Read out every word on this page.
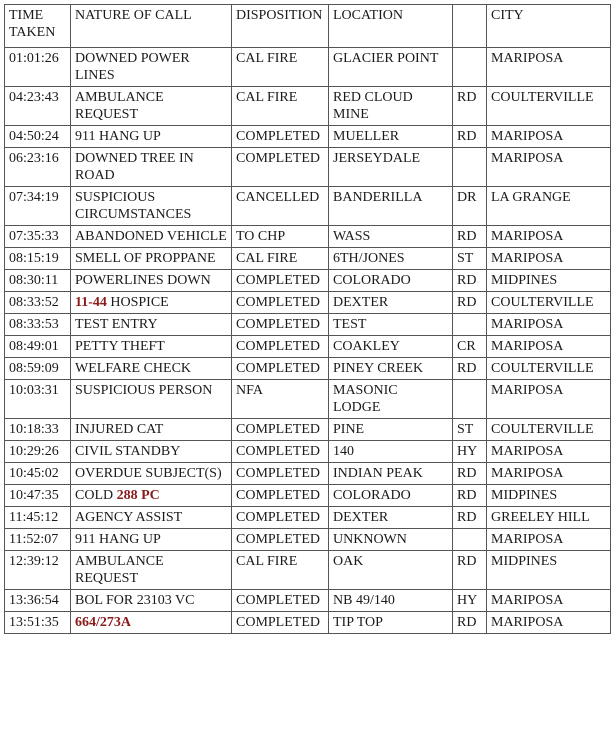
TIME TAKEN	NATURE OF CALL	DISPOSITION	LOCATION		CITY
01:01:26	DOWNED POWER LINES	CAL FIRE	GLACIER POINT		MARIPOSA
04:23:43	AMBULANCE REQUEST	CAL FIRE	RED CLOUD MINE	RD	COULTERVILLE
04:50:24	911 HANG UP	COMPLETED	MUELLER	RD	MARIPOSA
06:23:16	DOWNED TREE IN ROAD	COMPLETED	JERSEYDALE		MARIPOSA
07:34:19	SUSPICIOUS CIRCUMSTANCES	CANCELLED	BANDERILLA	DR	LA GRANGE
07:35:33	ABANDONED VEHICLE	TO CHP	WASS	RD	MARIPOSA
08:15:19	SMELL OF PROPPANE	CAL FIRE	6TH/JONES	ST	MARIPOSA
08:30:11	POWERLINES DOWN	COMPLETED	COLORADO	RD	MIDPINES
08:33:52	11-44 HOSPICE	COMPLETED	DEXTER	RD	COULTERVILLE
08:33:53	TEST ENTRY	COMPLETED	TEST		MARIPOSA
08:49:01	PETTY THEFT	COMPLETED	COAKLEY	CR	MARIPOSA
08:59:09	WELFARE CHECK	COMPLETED	PINEY CREEK	RD	COULTERVILLE
10:03:31	SUSPICIOUS PERSON	NFA	MASONIC LODGE		MARIPOSA
10:18:33	INJURED CAT	COMPLETED	PINE	ST	COULTERVILLE
10:29:26	CIVIL STANDBY	COMPLETED	140	HY	MARIPOSA
10:45:02	OVERDUE SUBJECT(S)	COMPLETED	INDIAN PEAK	RD	MARIPOSA
10:47:35	COLD 288 PC	COMPLETED	COLORADO	RD	MIDPINES
11:45:12	AGENCY ASSIST	COMPLETED	DEXTER	RD	GREELEY HILL
11:52:07	911 HANG UP	COMPLETED	UNKNOWN		MARIPOSA
12:39:12	AMBULANCE REQUEST	CAL FIRE	OAK	RD	MIDPINES
13:36:54	BOL FOR 23103 VC	COMPLETED	NB 49/140	HY	MARIPOSA
13:51:35	664/273A	COMPLETED	TIP TOP	RD	MARIPOSA
